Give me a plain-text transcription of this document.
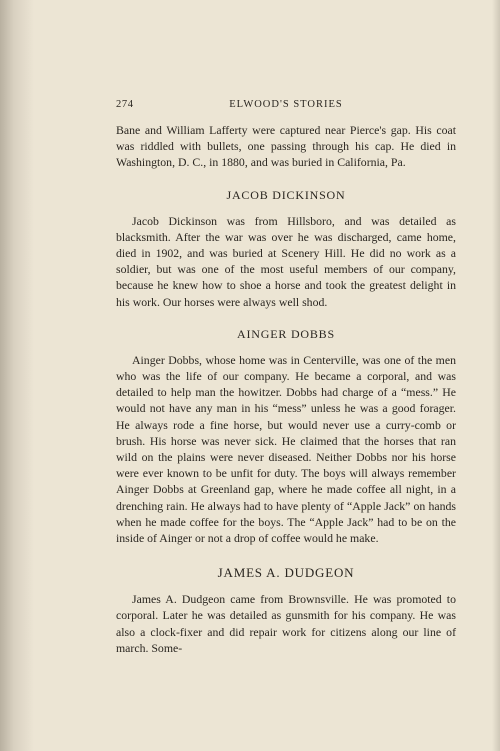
274	ELWOOD'S STORIES

Bane and William Lafferty were captured near Pierce's gap. His coat was riddled with bullets, one passing through his cap. He died in Washington, D. C., in 1880, and was buried in California, Pa.

JACOB DICKINSON

Jacob Dickinson was from Hillsboro, and was detailed as blacksmith. After the war was over he was discharged, came home, died in 1902, and was buried at Scenery Hill. He did no work as a soldier, but was one of the most useful members of our company, because he knew how to shoe a horse and took the greatest delight in his work. Our horses were always well shod.

AINGER DOBBS

Ainger Dobbs, whose home was in Centerville, was one of the men who was the life of our company. He became a corporal, and was detailed to help man the howitzer. Dobbs had charge of a “mess.” He would not have any man in his “mess” unless he was a good forager. He always rode a fine horse, but would never use a curry-comb or brush. His horse was never sick. He claimed that the horses that ran wild on the plains were never diseased. Neither Dobbs nor his horse were ever known to be unfit for duty. The boys will always remember Ainger Dobbs at Greenland gap, where he made coffee all night, in a drenching rain. He always had to have plenty of “Apple Jack” on hands when he made coffee for the boys. The “Apple Jack” had to be on the inside of Ainger or not a drop of coffee would he make.

JAMES A. DUDGEON

James A. Dudgeon came from Brownsville. He was promoted to corporal. Later he was detailed as gunsmith for his company. He was also a clock-fixer and did repair work for citizens along our line of march. Some-
